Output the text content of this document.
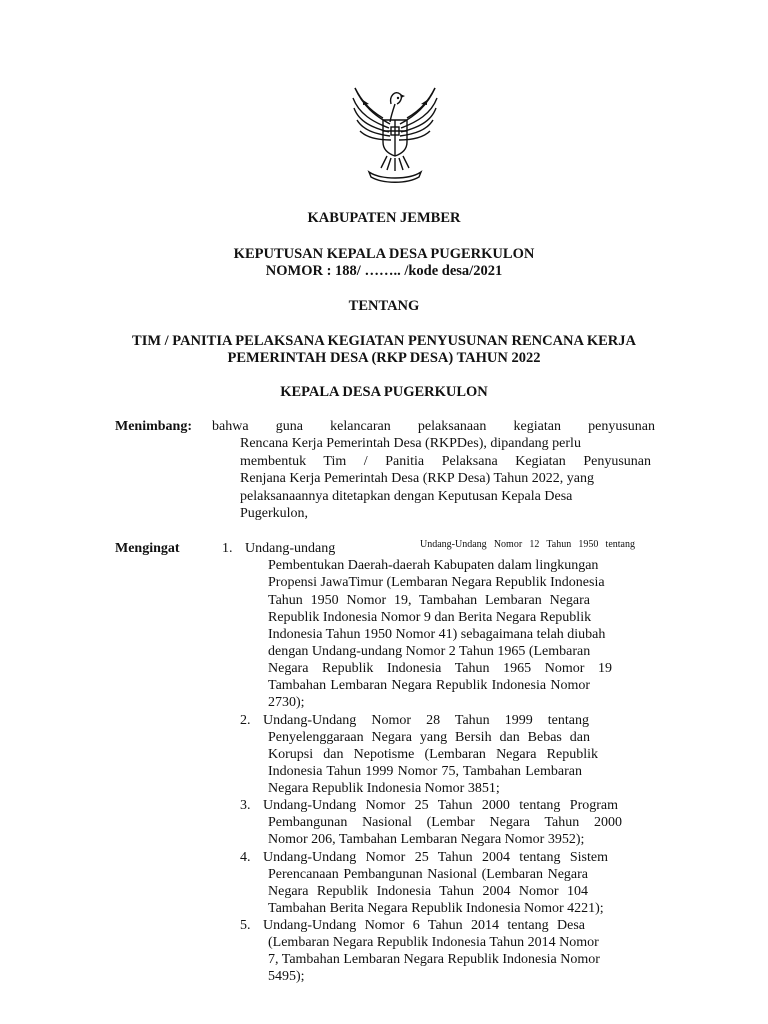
KABUPATEN JEMBER
KEPUTUSAN KEPALA DESA PUGERKULON
NOMOR : 188/ …….. /kode desa/2021
TENTANG
TIM / PANITIA PELAKSANA KEGIATAN PENYUSUNAN RENCANA KERJA
PEMERINTAH DESA (RKP DESA) TAHUN 2022
KEPALA DESA PUGERKULON
Menimbang: bahwa guna kelancaran pelaksanaan kegiatan penyusunan
Rencana Kerja Pemerintah Desa (RKPDes), dipandang perlu
membentuk Tim / Panitia Pelaksana Kegiatan Penyusunan
Renjana Kerja Pemerintah Desa (RKP Desa) Tahun 2022, yang
pelaksanaannya ditetapkan dengan Keputusan Kepala Desa
Pugerkulon,
Mengingat	1. Undang-undang	Undang-Undang Nomor 12 Tahun 1950 tentang
Pembentukan Daerah-daerah Kabupaten dalam lingkungan
Propensi JawaTimur (Lembaran Negara Republik Indonesia
Tahun 1950 Nomor 19, Tambahan Lembaran Negara
Republik Indonesia Nomor 9 dan Berita Negara Republik
Indonesia Tahun 1950 Nomor 41) sebagaimana telah diubah
dengan Undang-undang Nomor 2 Tahun 1965 (Lembaran
Negara Republik Indonesia Tahun 1965 Nomor 19
Tambahan Lembaran Negara Republik Indonesia Nomor
2730);
2. Undang-Undang Nomor 28 Tahun 1999 tentang
Penyelenggaraan Negara yang Bersih dan Bebas dan
Korupsi dan Nepotisme (Lembaran Negara Republik
Indonesia Tahun 1999 Nomor 75, Tambahan Lembaran
Negara Republik Indonesia Nomor 3851;
3. Undang-Undang Nomor 25 Tahun 2000 tentang Program
Pembangunan Nasional (Lembar Negara Tahun 2000
Nomor 206, Tambahan Lembaran Negara Nomor 3952);
4. Undang-Undang Nomor 25 Tahun 2004 tentang Sistem
Perencanaan Pembangunan Nasional (Lembaran Negara
Negara Republik Indonesia Tahun 2004 Nomor 104
Tambahan Berita Negara Republik Indonesia Nomor 4221);
5. Undang-Undang Nomor 6 Tahun 2014 tentang Desa
(Lembaran Negara Republik Indonesia Tahun 2014 Nomor
7, Tambahan Lembaran Negara Republik Indonesia Nomor
5495);
